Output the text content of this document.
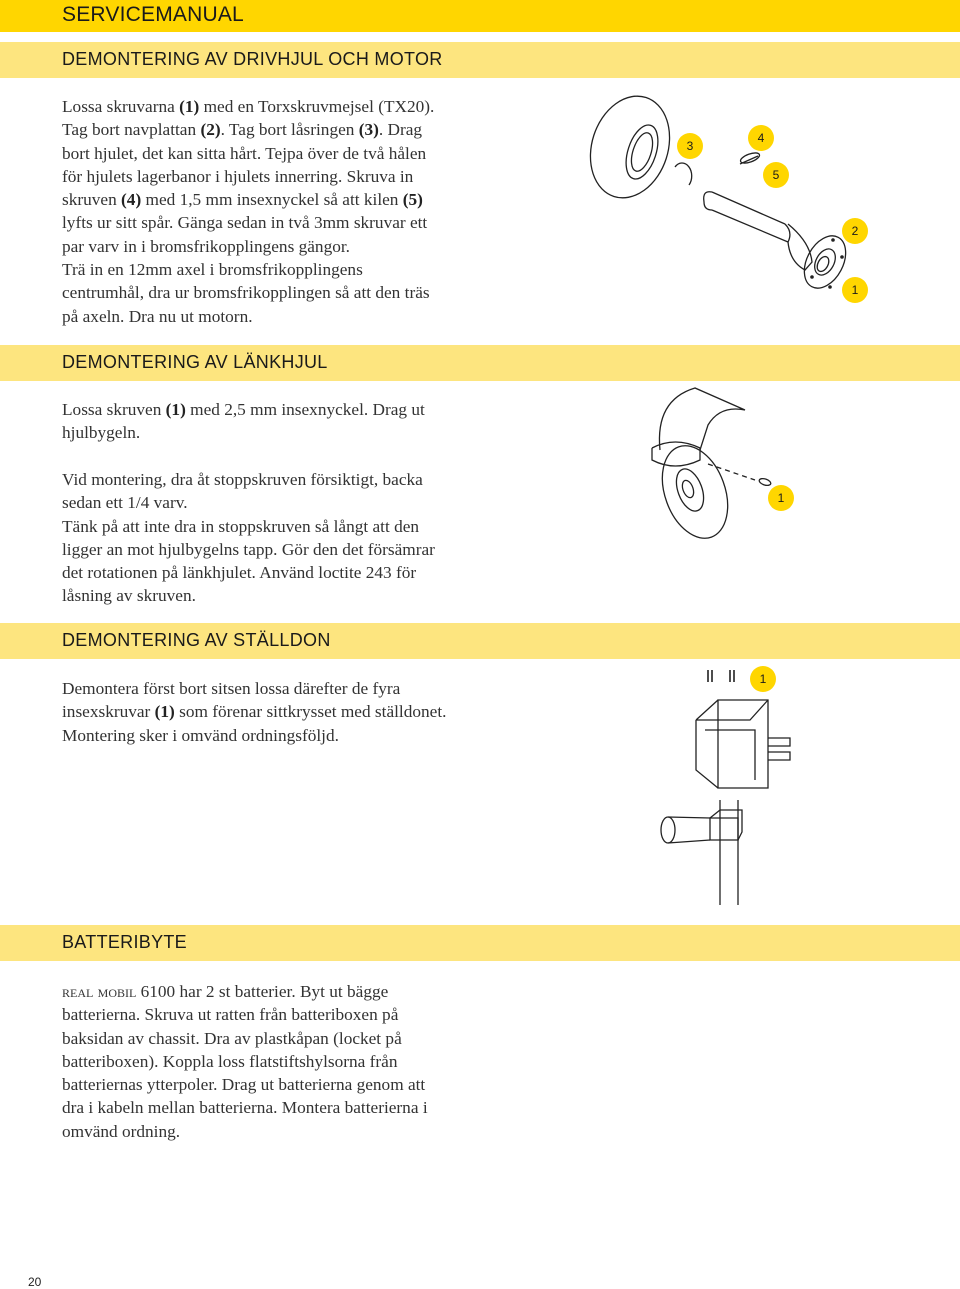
SERVICEMANUAL
DEMONTERING AV DRIVHJUL OCH MOTOR
Lossa skruvarna (1) med en Torxskruvmejsel (TX20).
Tag bort navplattan (2). Tag bort låsringen (3). Drag
bort hjulet, det kan sitta hårt. Tejpa över de två hålen
för hjulets lagerbanor i hjulets innerring. Skruva in
skruven (4) med 1,5 mm insexnyckel så att kilen (5)
lyfts ur sitt spår. Gänga sedan in två 3mm skruvar ett
par varv in i bromsfrikopplingens gängor.
Trä in en 12mm axel i bromsfrikopplingens
centrumhål, dra ur bromsfrikopplingen så att den träs
på axeln. Dra nu ut motorn.
3
4
5
2
1
DEMONTERING AV LÄNKHJUL
Lossa skruven (1) med 2,5 mm insexnyckel. Drag ut
hjulbygeln.
Vid montering, dra åt stoppskruven försiktigt, backa
sedan ett 1/4 varv.
Tänk på att inte dra in stoppskruven så långt att den
ligger an mot hjulbygelns tapp. Gör den det försämrar
det rotationen på länkhjulet. Använd loctite 243 för
låsning av skruven.
1
DEMONTERING AV STÄLLDON
Demontera först bort sitsen lossa därefter de fyra
insexskruvar (1) som förenar sittkrysset med ställdonet.
Montering sker i omvänd ordningsföljd.
1
BATTERIBYTE
real mobil 6100 har 2 st batterier. Byt ut bägge
batterierna. Skruva ut ratten från batteriboxen på
baksidan av chassit. Dra av plastkåpan (locket på
batteriboxen). Koppla loss flatstiftshylsorna från
batteriernas ytterpoler. Drag ut batterierna genom att
dra i kabeln mellan batterierna. Montera batterierna i
omvänd ordning.
20
